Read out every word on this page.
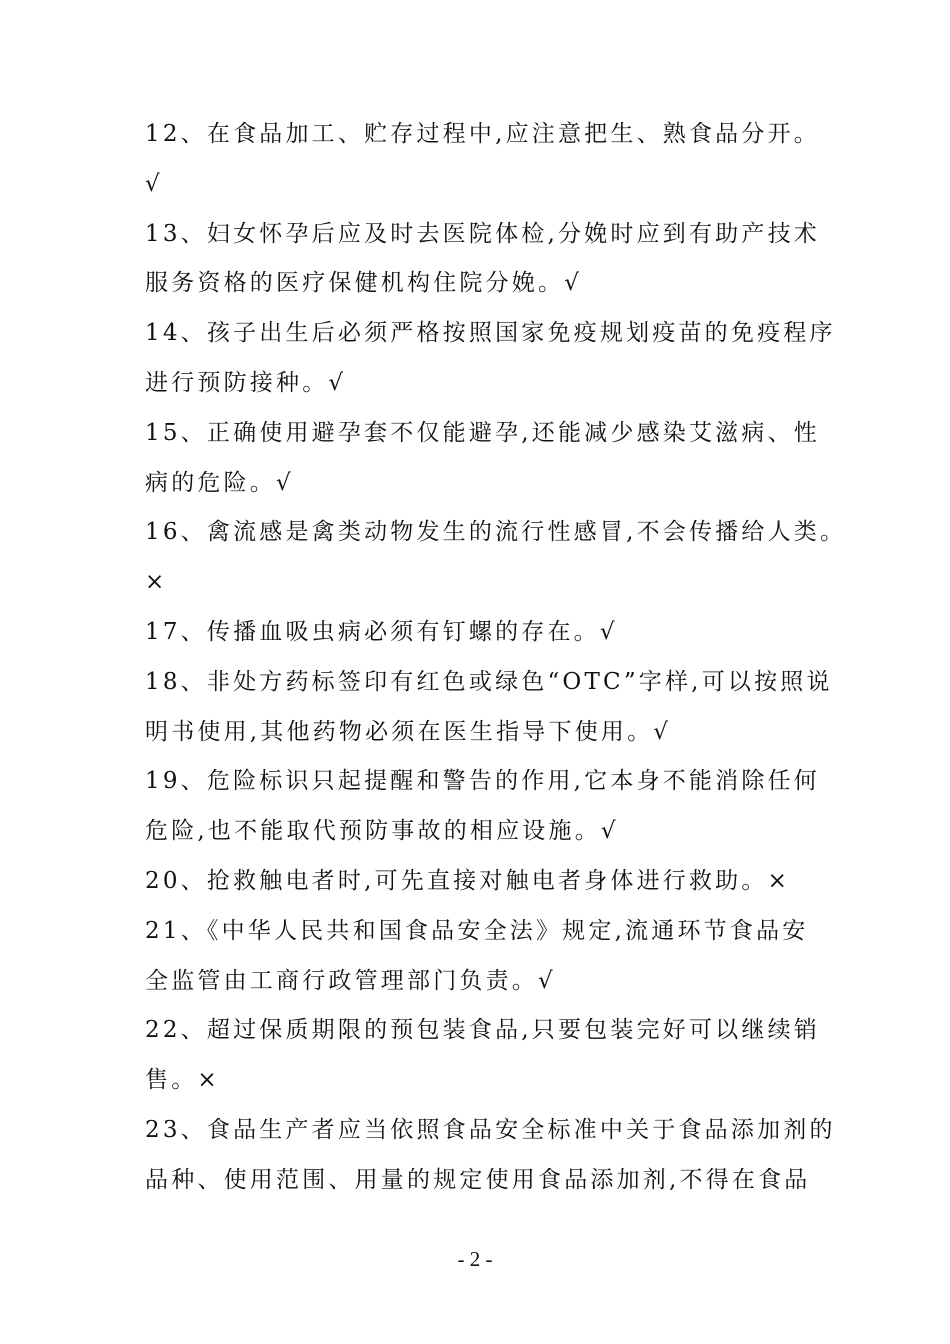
12、在食品加工、贮存过程中,应注意把生、熟食品分开。
√
13、妇女怀孕后应及时去医院体检,分娩时应到有助产技术
服务资格的医疗保健机构住院分娩。√
14、孩子出生后必须严格按照国家免疫规划疫苗的免疫程序
进行预防接种。√
15、正确使用避孕套不仅能避孕,还能减少感染艾滋病、性
病的危险。√
16、禽流感是禽类动物发生的流行性感冒,不会传播给人类。
×
17、传播血吸虫病必须有钉螺的存在。√
18、非处方药标签印有红色或绿色“OTC”字样,可以按照说
明书使用,其他药物必须在医生指导下使用。√
19、危险标识只起提醒和警告的作用,它本身不能消除任何
危险,也不能取代预防事故的相应设施。√
20、抢救触电者时,可先直接对触电者身体进行救助。×
21、《中华人民共和国食品安全法》规定,流通环节食品安
全监管由工商行政管理部门负责。√
22、超过保质期限的预包装食品,只要包装完好可以继续销
售。×
23、食品生产者应当依照食品安全标准中关于食品添加剂的
品种、使用范围、用量的规定使用食品添加剂,不得在食品
- 2 -
